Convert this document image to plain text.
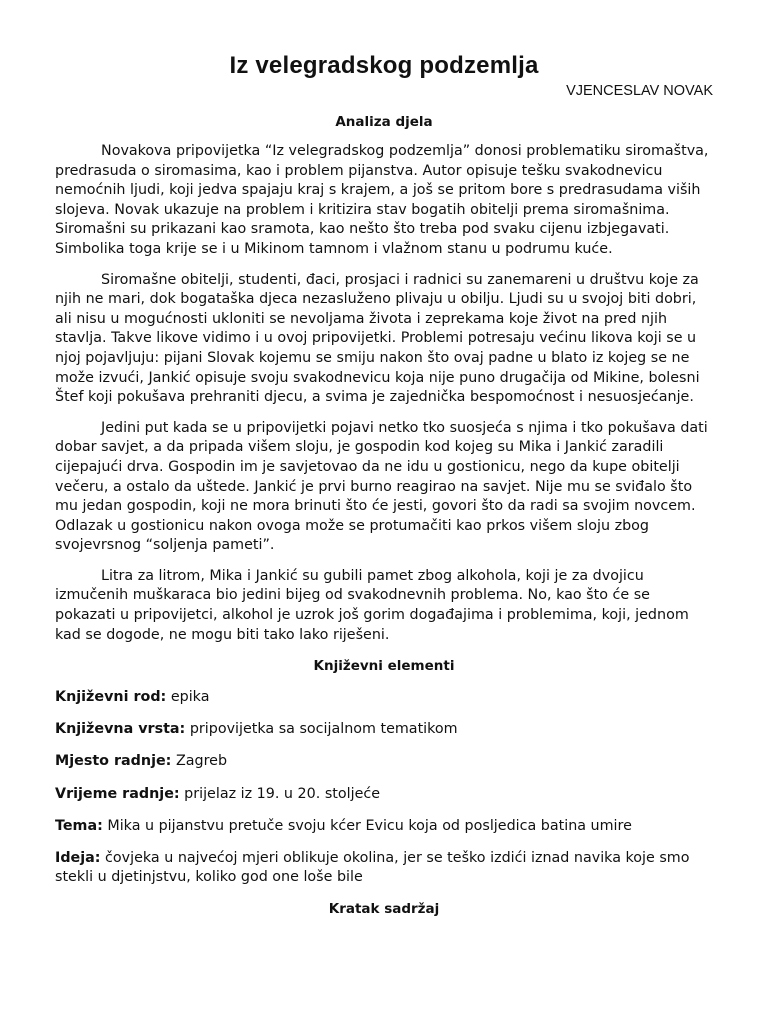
Iz velegradskog podzemlja

VJENCESLAV NOVAK

Analiza djela

Novakova pripovijetka “Iz velegradskog podzemlja” donosi problematiku siromaštva, predrasuda o siromasima, kao i problem pijanstva. Autor opisuje tešku svakodnevicu nemoćnih ljudi, koji jedva spajaju kraj s krajem, a još se pritom bore s predrasudama viših slojeva. Novak ukazuje na problem i kritizira stav bogatih obitelji prema siromašnima. Siromašni su prikazani kao sramota, kao nešto što treba pod svaku cijenu izbjegavati. Simbolika toga krije se i u Mikinom tamnom i vlažnom stanu u podrumu kuće.

Siromašne obitelji, studenti, đaci, prosjaci i radnici su zanemareni u društvu koje za njih ne mari, dok bogataška djeca nezasluženo plivaju u obilju. Ljudi su u svojoj biti dobri, ali nisu u mogućnosti ukloniti se nevoljama života i zeprekama koje život na pred njih stavlja. Takve likove vidimo i u ovoj pripovijetki. Problemi potresaju većinu likova koji se u njoj pojavljuju: pijani Slovak kojemu se smiju nakon što ovaj padne u blato iz kojeg se ne može izvući, Jankić opisuje svoju svakodnevicu koja nije puno drugačija od Mikine, bolesni Štef koji pokušava prehraniti djecu, a svima je zajednička bespomoćnost i nesuosjećanje.

Jedini put kada se u pripovijetki pojavi netko tko suosjeća s njima i tko pokušava dati dobar savjet, a da pripada višem sloju, je gospodin kod kojeg su Mika i Jankić zaradili cijepajući drva. Gospodin im je savjetovao da ne idu u gostionicu, nego da kupe obitelji večeru, a ostalo da uštede. Jankić je prvi burno reagirao na savjet. Nije mu se sviđalo što mu jedan gospodin, koji ne mora brinuti što će jesti, govori što da radi sa svojim novcem. Odlazak u gostionicu nakon ovoga može se protumačiti kao prkos višem sloju zbog svojevrsnog “soljenja pameti”.

Litra za litrom, Mika i Jankić su gubili pamet zbog alkohola, koji je za dvojicu izmučenih muškaraca bio jedini bijeg od svakodnevnih problema. No, kao što će se pokazati u pripovijetci, alkohol je uzrok još gorim događajima i problemima, koji, jednom kad se dogode, ne mogu biti tako lako riješeni.

Književni elementi

Književni rod: epika

Književna vrsta: pripovijetka sa socijalnom tematikom

Mjesto radnje: Zagreb

Vrijeme radnje: prijelaz iz 19. u 20. stoljeće

Tema: Mika u pijanstvu pretuče svoju kćer Evicu koja od posljedica batina umire

Ideja: čovjeka u najvećoj mjeri oblikuje okolina, jer se teško izdići iznad navika koje smo stekli u djetinjstvu, koliko god one loše bile

Kratak sadržaj
